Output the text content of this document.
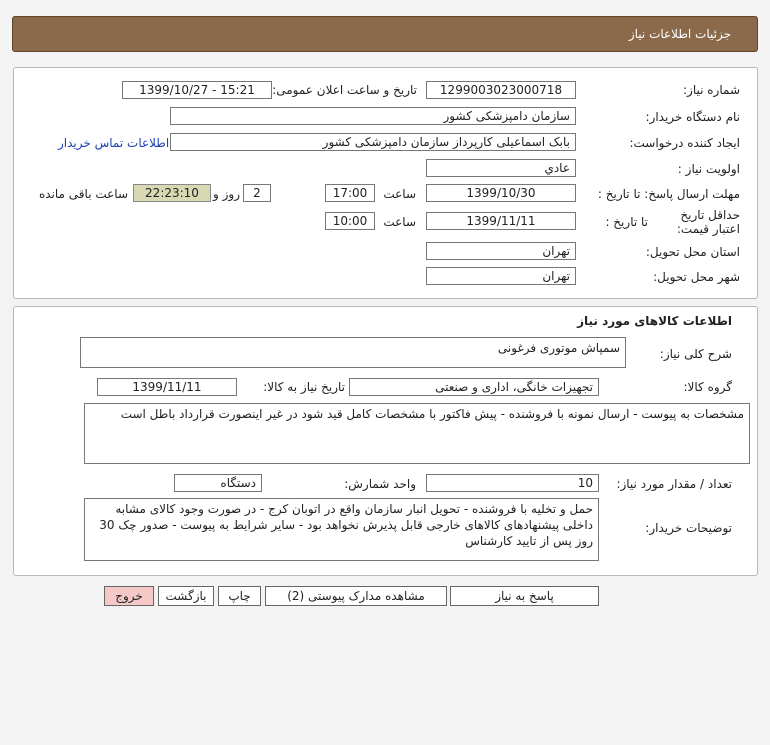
جزئیات اطلاعات نیاز
شماره نیاز:
1299003023000718
تاریخ و ساعت اعلان عمومی:
1399/10/27 - 15:21
نام دستگاه خریدار:
سازمان دامپزشکی کشور
ایجاد کننده درخواست:
بابک اسماعیلی کارپرداز سازمان دامپزشکی کشور
اطلاعات تماس خریدار
اولویت نیاز :
عادي
مهلت ارسال پاسخ: تا تاریخ :
1399/10/30
ساعت
17:00
2
روز و
22:23:10
ساعت باقی مانده
حداقل تاریخ اعتبار قیمت:
تا تاریخ :
1399/11/11
ساعت
10:00
استان محل تحویل:
تهران
شهر محل تحویل:
تهران
اطلاعات کالاهای مورد نیاز
شرح کلی نیاز:
سمپاش موتوری فرغونی
گروه کالا:
تجهیزات خانگی، اداری و صنعتی
تاریخ نیاز به کالا:
1399/11/11
مشخصات به پیوست - ارسال نمونه با فروشنده - پیش فاکتور با مشخصات کامل قید شود در غیر اینصورت قرارداد باطل است
تعداد / مقدار مورد نیاز:
10
واحد شمارش:
دستگاه
توضیحات خریدار:
حمل و تخلیه با فروشنده - تحویل انبار سازمان واقع در اتوبان کرج - در صورت وجود کالای مشابه داخلی پیشنهادهای کالاهای خارجی قابل پذیرش نخواهد بود - سایر شرایط به پیوست - صدور چک 30 روز پس از تایید کارشناس
پاسخ به نیاز
مشاهده مدارک پیوستی (2)
چاپ
بازگشت
خروج
